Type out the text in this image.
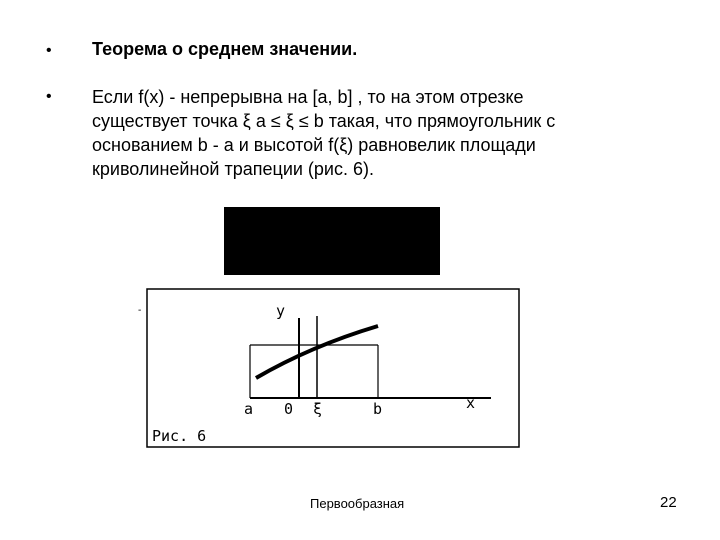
• Теорема о среднем значении.
• Если f(x) - непрерывна на [a, b] , то на этом отрезке
существует точка ξ a ≤ ξ ≤ b такая, что прямоугольник с
основанием b - a и высотой f(ξ) равновелик площади
криволинейной трапеции (рис. 6).
-	y
x
a 0 ξ	b
Рис. 6
Первообразная	22
